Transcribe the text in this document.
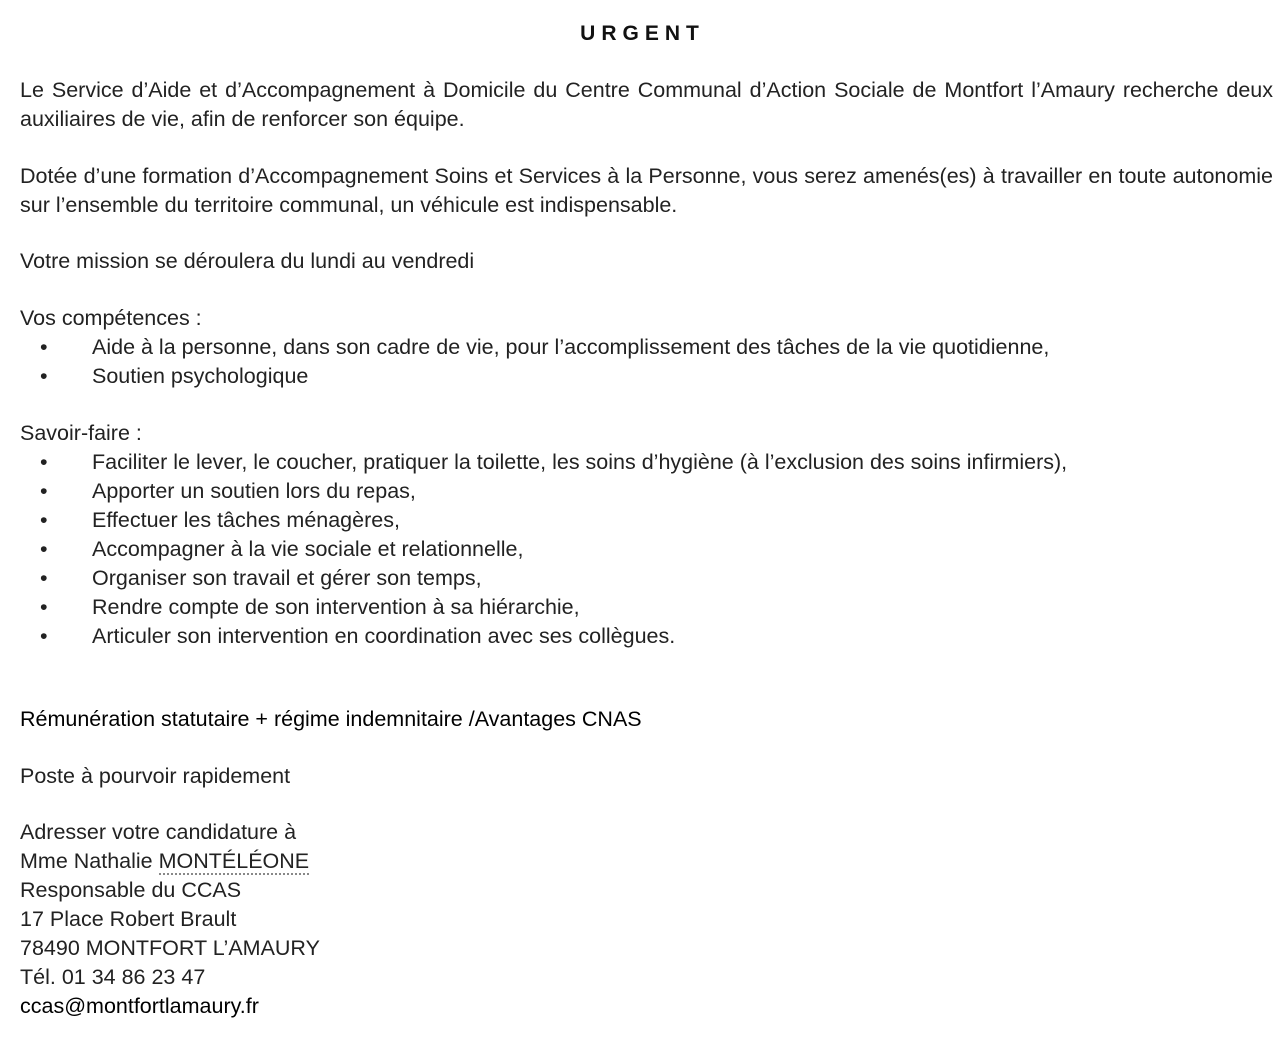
URGENT
Le Service d’Aide et d’Accompagnement à Domicile du Centre Communal d’Action Sociale de Montfort l’Amaury recherche deux auxiliaires de vie, afin de renforcer son équipe.
Dotée d’une formation d’Accompagnement Soins et Services à la Personne, vous serez amenés(es) à travailler en toute autonomie sur l’ensemble du territoire communal, un véhicule est indispensable.
Votre mission se déroulera du lundi au vendredi
Vos compétences :
• Aide à la personne, dans son cadre de vie, pour l’accomplissement des tâches de la vie quotidienne,
• Soutien psychologique
Savoir-faire :
• Faciliter le lever, le coucher, pratiquer la toilette, les soins d’hygiène (à l’exclusion des soins infirmiers),
• Apporter un soutien lors du repas,
• Effectuer les tâches ménagères,
• Accompagner à la vie sociale et relationnelle,
• Organiser son travail et gérer son temps,
• Rendre compte de son intervention à sa hiérarchie,
• Articuler son intervention en coordination avec ses collègues.
Rémunération statutaire + régime indemnitaire /Avantages CNAS
Poste à pourvoir rapidement
Adresser votre candidature à
Mme Nathalie MONTÉLÉONE
Responsable du CCAS
17 Place Robert Brault
78490 MONTFORT L’AMAURY
Tél. 01 34 86 23 47
ccas@montfortlamaury.fr
